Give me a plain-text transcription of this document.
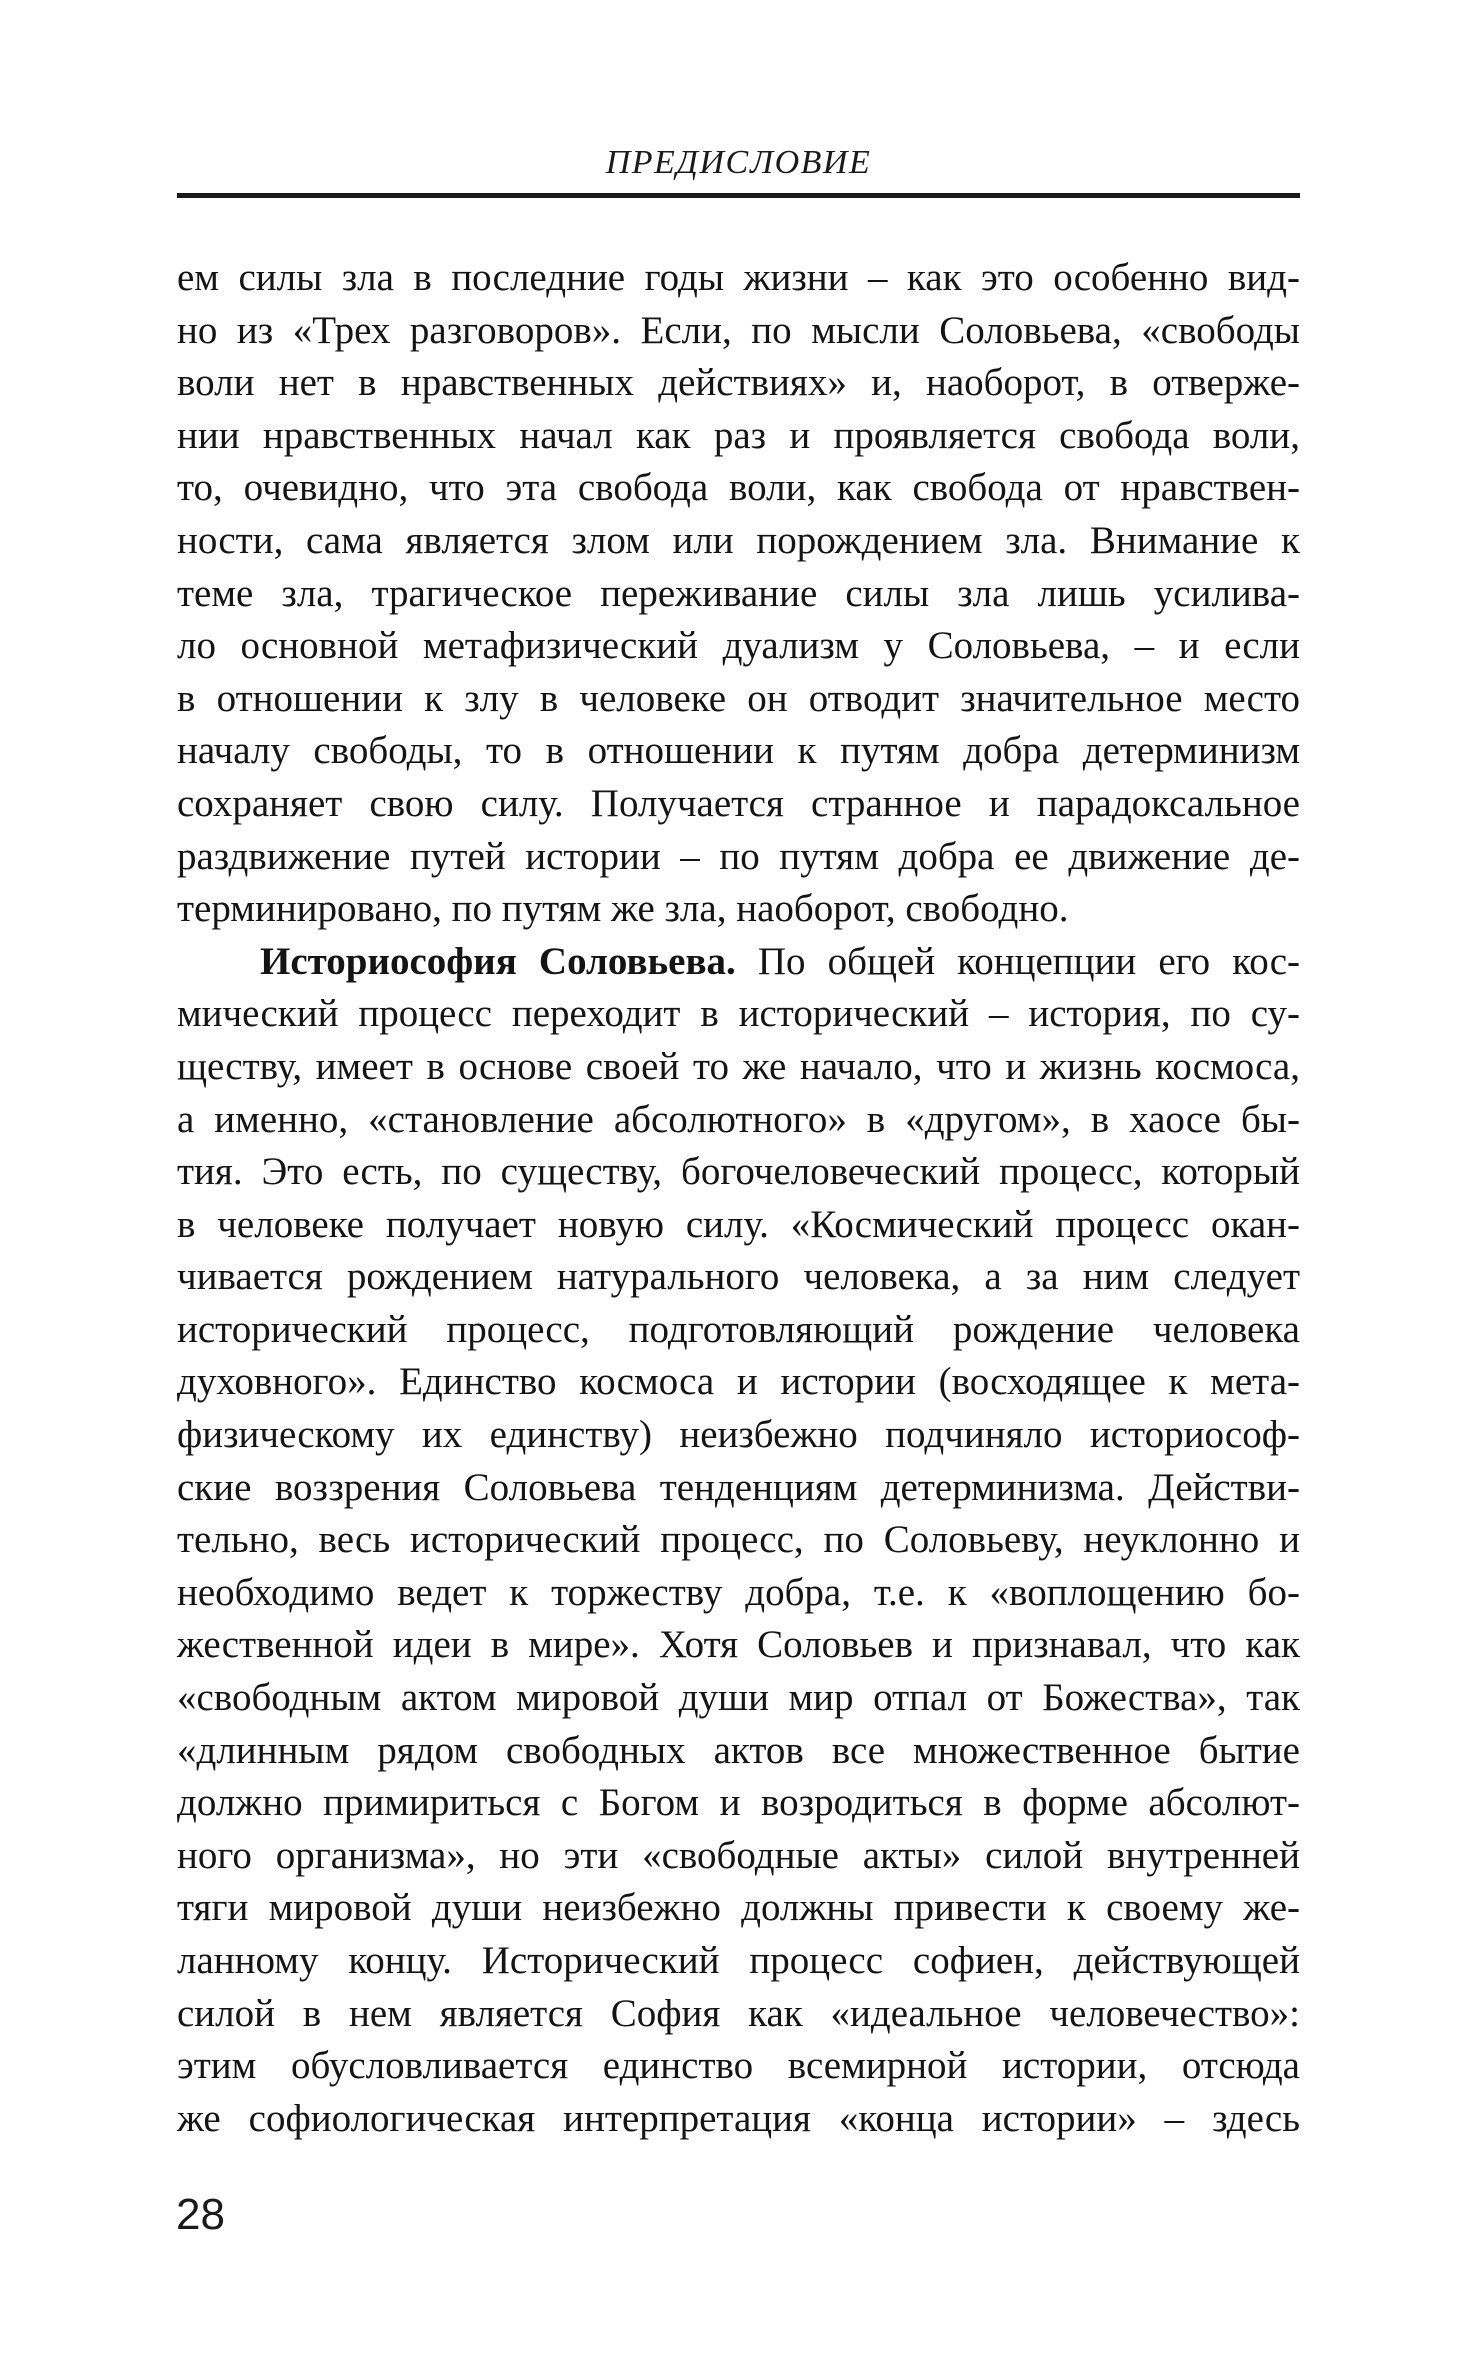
ПРЕДИСЛОВИЕ
ем силы зла в последние годы жизни – как это особенно вид-
но из «Трех разговоров». Если, по мысли Соловьева, «свободы
воли нет в нравственных действиях» и, наоборот, в отверже-
нии нравственных начал как раз и проявляется свобода воли,
то, очевидно, что эта свобода воли, как свобода от нравствен-
ности, сама является злом или порождением зла. Внимание к
теме зла, трагическое переживание силы зла лишь усилива-
ло основной метафизический дуализм у Соловьева, – и если
в отношении к злу в человеке он отводит значительное место
началу свободы, то в отношении к путям добра детерминизм
сохраняет свою силу. Получается странное и парадоксальное
раздвижение путей истории – по путям добра ее движение де-
терминировано, по путям же зла, наоборот, свободно.
Историософия Соловьева. По общей концепции его кос-
мический процесс переходит в исторический – история, по су-
ществу, имеет в основе своей то же начало, что и жизнь космоса,
а именно, «становление абсолютного» в «другом», в хаосе бы-
тия. Это есть, по существу, богочеловеческий процесс, который
в человеке получает новую силу. «Космический процесс окан-
чивается рождением натурального человека, а за ним следует
исторический процесс, подготовляющий рождение человека
духовного». Единство космоса и истории (восходящее к мета-
физическому их единству) неизбежно подчиняло историософ-
ские воззрения Соловьева тенденциям детерминизма. Действи-
тельно, весь исторический процесс, по Соловьеву, неуклонно и
необходимо ведет к торжеству добра, т.е. к «воплощению бо-
жественной идеи в мире». Хотя Соловьев и признавал, что как
«свободным актом мировой души мир отпал от Божества», так
«длинным рядом свободных актов все множественное бытие
должно примириться с Богом и возродиться в форме абсолют-
ного организма», но эти «свободные акты» силой внутренней
тяги мировой души неизбежно должны привести к своему же-
ланному концу. Исторический процесс софиен, действующей
силой в нем является София как «идеальное человечество»:
этим обусловливается единство всемирной истории, отсюда
же софиологическая интерпретация «конца истории» – здесь
28
